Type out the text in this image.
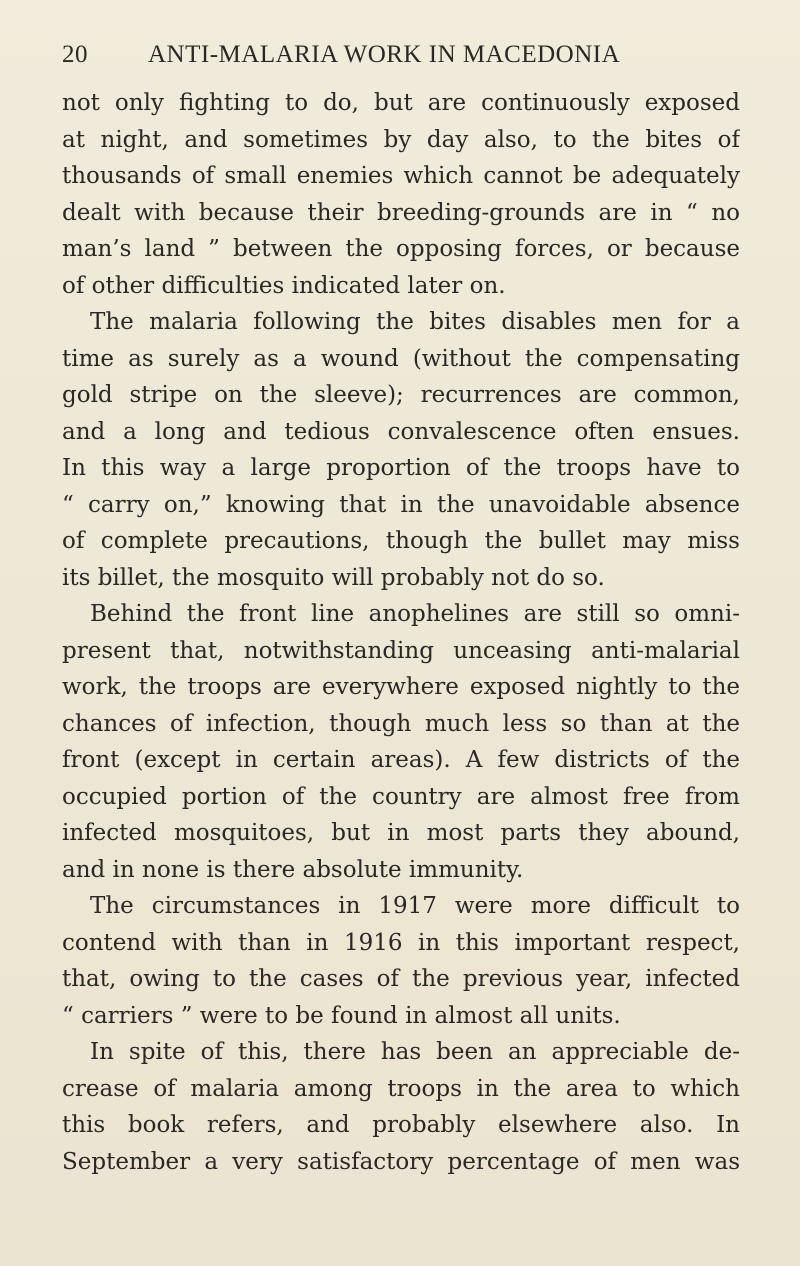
20 ANTI-MALARIA WORK IN MACEDONIA
not only fighting to do, but are continuously exposed
at night, and sometimes by day also, to the bites of
thousands of small enemies which cannot be adequately
dealt with because their breeding-grounds are in “ no
man’s land ” between the opposing forces, or because
of other difficulties indicated later on.
The malaria following the bites disables men for a
time as surely as a wound (without the compensating
gold stripe on the sleeve); recurrences are common,
and a long and tedious convalescence often ensues.
In this way a large proportion of the troops have to
“ carry on,” knowing that in the unavoidable absence
of complete precautions, though the bullet may miss
its billet, the mosquito will probably not do so.
Behind the front line anophelines are still so omni-
present that, notwithstanding unceasing anti-malarial
work, the troops are everywhere exposed nightly to the
chances of infection, though much less so than at the
front (except in certain areas). A few districts of the
occupied portion of the country are almost free from
infected mosquitoes, but in most parts they abound,
and in none is there absolute immunity.
The circumstances in 1917 were more difficult to
contend with than in 1916 in this important respect,
that, owing to the cases of the previous year, infected
“ carriers ” were to be found in almost all units.
In spite of this, there has been an appreciable de-
crease of malaria among troops in the area to which
this book refers, and probably elsewhere also. In
September a very satisfactory percentage of men was
